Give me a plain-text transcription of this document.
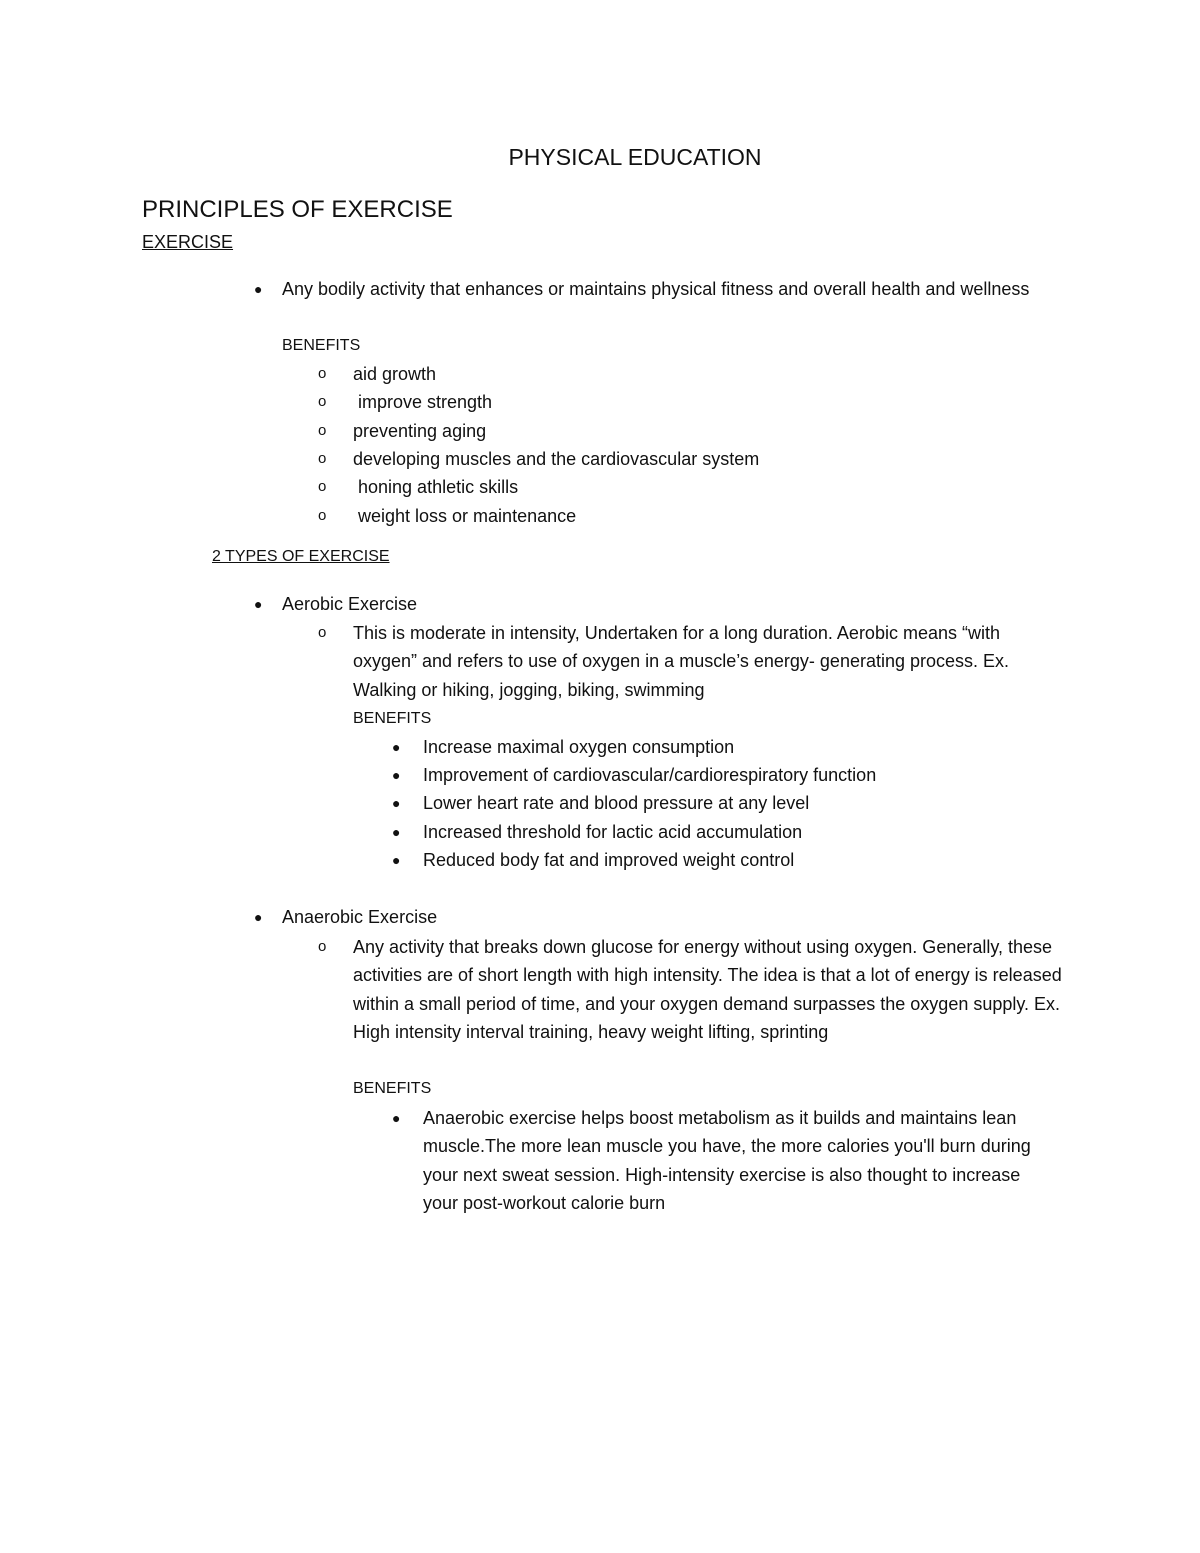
PHYSICAL EDUCATION
PRINCIPLES OF EXERCISE
EXERCISE
● Any bodily activity that enhances or maintains physical fitness and overall health and wellness
BENEFITS
o aid growth
o improve strength
o preventing aging
o developing muscles and the cardiovascular system
o honing athletic skills
o weight loss or maintenance
2 TYPES OF EXERCISE
● Aerobic Exercise
o This is moderate in intensity, Undertaken for a long duration. Aerobic means “with oxygen” and refers to use of oxygen in a muscle’s energy- generating process. Ex. Walking or hiking, jogging, biking, swimming
BENEFITS
● Increase maximal oxygen consumption
● Improvement of cardiovascular/cardiorespiratory function
● Lower heart rate and blood pressure at any level
● Increased threshold for lactic acid accumulation
● Reduced body fat and improved weight control
● Anaerobic Exercise
o Any activity that breaks down glucose for energy without using oxygen. Generally, these activities are of short length with high intensity. The idea is that a lot of energy is released within a small period of time, and your oxygen demand surpasses the oxygen supply. Ex. High intensity interval training, heavy weight lifting, sprinting
BENEFITS
● Anaerobic exercise helps boost metabolism as it builds and maintains lean muscle.The more lean muscle you have, the more calories you'll burn during your next sweat session. High-intensity exercise is also thought to increase your post-workout calorie burn
